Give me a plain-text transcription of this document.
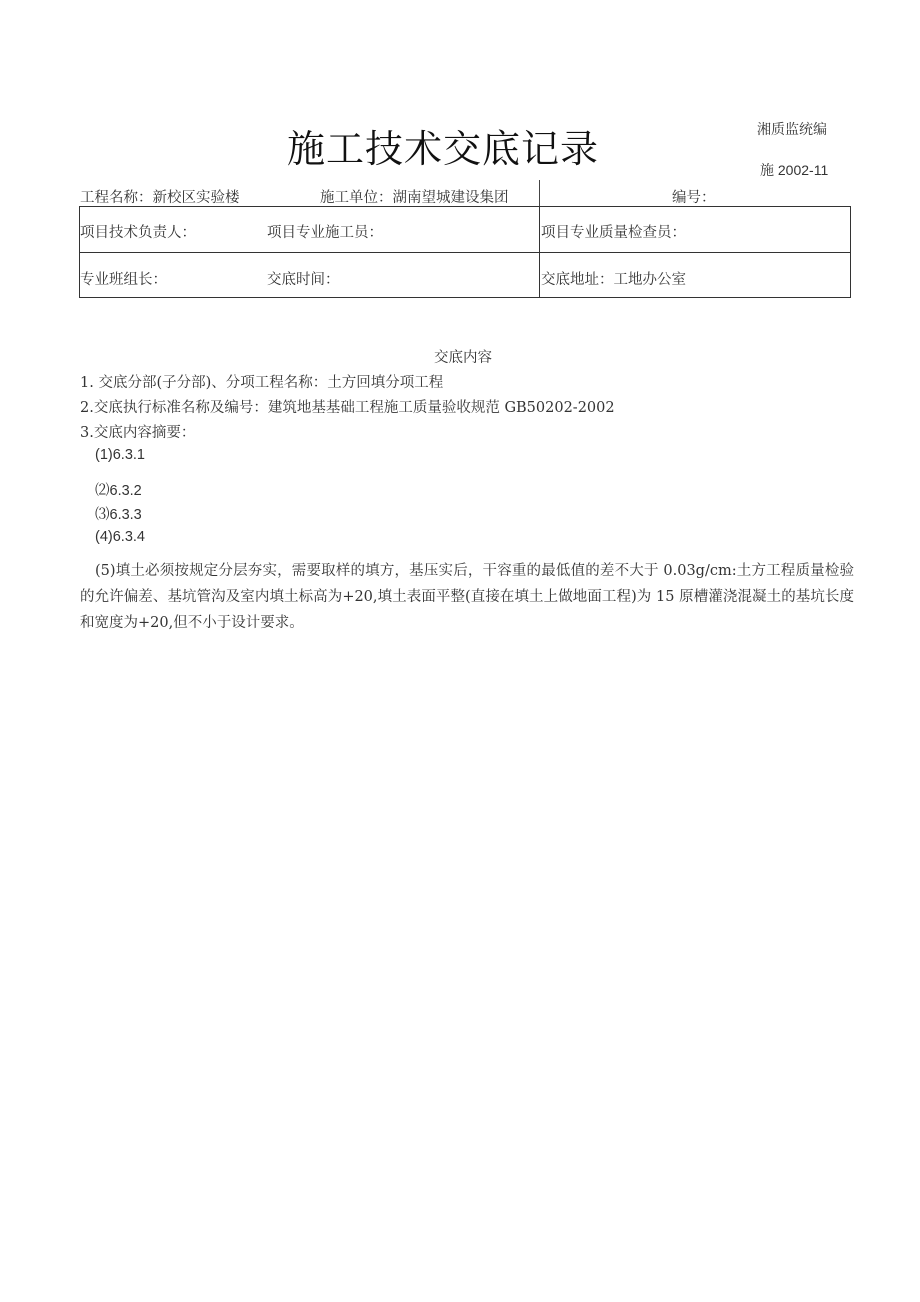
施工技术交底记录	湘质监统编
施 2002-11
工程名称：新校区实验楼	施工单位：湖南望城建设集团	编号：
项目技术负责人：	项目专业施工员：	项目专业质量检查员：
专业班组长：	交底时间：	交底地址：工地办公室
交底内容
1. 交底分部(子分部)、分项工程名称：土方回填分项工程
2.交底执行标准名称及编号：建筑地基基础工程施工质量验收规范 GB50202-2002
3.交底内容摘要：
(1)6.3.1
⑵6.3.2
⑶6.3.3
(4)6.3.4
(5)填土必须按规定分层夯实，需要取样的填方，基压实后，干容重的最低值的差不大于 0.03g/cm:土方工程质量检验的允许偏差、基坑管沟及室内填土标高为+20,填土表面平整(直接在填土上做地面工程)为 15 原槽灌浇混凝土的基坑长度和宽度为+20,但不小于设计要求。
